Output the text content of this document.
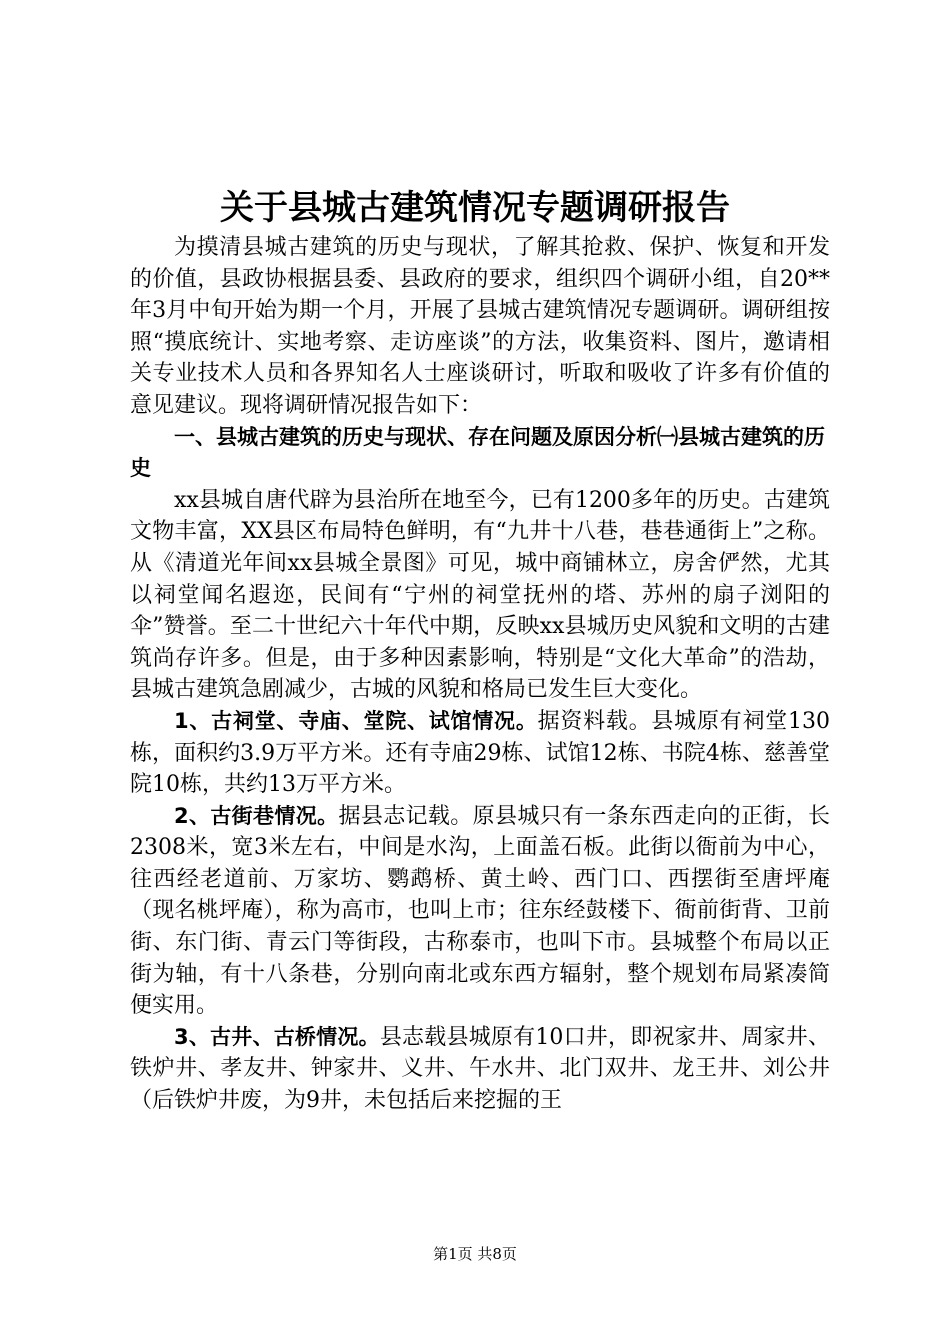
关于县城古建筑情况专题调研报告

为摸清县城古建筑的历史与现状，了解其抢救、保护、恢复和开发的价值，县政协根据县委、县政府的要求，组织四个调研小组，自20**年3月中旬开始为期一个月，开展了县城古建筑情况专题调研。调研组按照“摸底统计、实地考察、走访座谈”的方法，收集资料、图片，邀请相关专业技术人员和各界知名人士座谈研讨，听取和吸收了许多有价值的意见建议。现将调研情况报告如下：

一、县城古建筑的历史与现状、存在问题及原因分析㈠县城古建筑的历史

xx县城自唐代辟为县治所在地至今，已有1200多年的历史。古建筑文物丰富，XX县区布局特色鲜明，有“九井十八巷，巷巷通街上”之称。从《清道光年间xx县城全景图》可见，城中商铺林立，房舍俨然，尤其以祠堂闻名遐迩，民间有“宁州的祠堂抚州的塔、苏州的扇子浏阳的伞”赞誉。至二十世纪六十年代中期，反映xx县城历史风貌和文明的古建筑尚存许多。但是，由于多种因素影响，特别是“文化大革命”的浩劫，县城古建筑急剧减少，古城的风貌和格局已发生巨大变化。

1、古祠堂、寺庙、堂院、试馆情况。据资料载。县城原有祠堂130栋，面积约3.9万平方米。还有寺庙29栋、试馆12栋、书院4栋、慈善堂院10栋，共约13万平方米。

2、古街巷情况。据县志记载。原县城只有一条东西走向的正街，长2308米，宽3米左右，中间是水沟，上面盖石板。此街以衙前为中心，往西经老道前、万家坊、鹦鹉桥、黄土岭、西门口、西摆街至唐坪庵（现名桃坪庵），称为高市，也叫上市；往东经鼓楼下、衙前街背、卫前街、东门街、青云门等街段，古称泰市，也叫下市。县城整个布局以正街为轴，有十八条巷，分别向南北或东西方辐射，整个规划布局紧凑简便实用。

3、古井、古桥情况。县志载县城原有10口井，即祝家井、周家井、铁炉井、孝友井、钟家井、义井、午水井、北门双井、龙王井、刘公井（后铁炉井废，为9井，未包括后来挖掘的王

第1页 共8页
